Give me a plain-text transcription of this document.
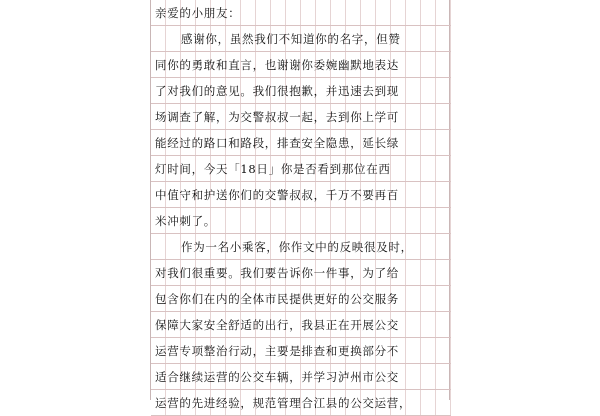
亲爱的小朋友：
感谢你，虽然我们不知道你的名字，但赞
同你的勇敢和直言，也谢谢你委婉幽默地表达
了对我们的意见。我们很抱歉，并迅速去到现
场调查了解，为交警叔叔一起，去到你上学可
能经过的路口和路段，排查安全隐患，延长绿
灯时间，今天「18日」你是否看到那位在西
中值守和护送你们的交警叔叔，千万不要再百
米冲刺了。
作为一名小乘客，你作文中的反映很及时，
对我们很重要。我们要告诉你一件事，为了给
包含你们在内的全体市民提供更好的公交服务
保障大家安全舒适的出行，我县正在开展公交
运营专项整治行动，主要是排查和更换部分不
适合继续运营的公交车辆，并学习泸州市公交
运营的先进经验，规范管理合江县的公交运营，
